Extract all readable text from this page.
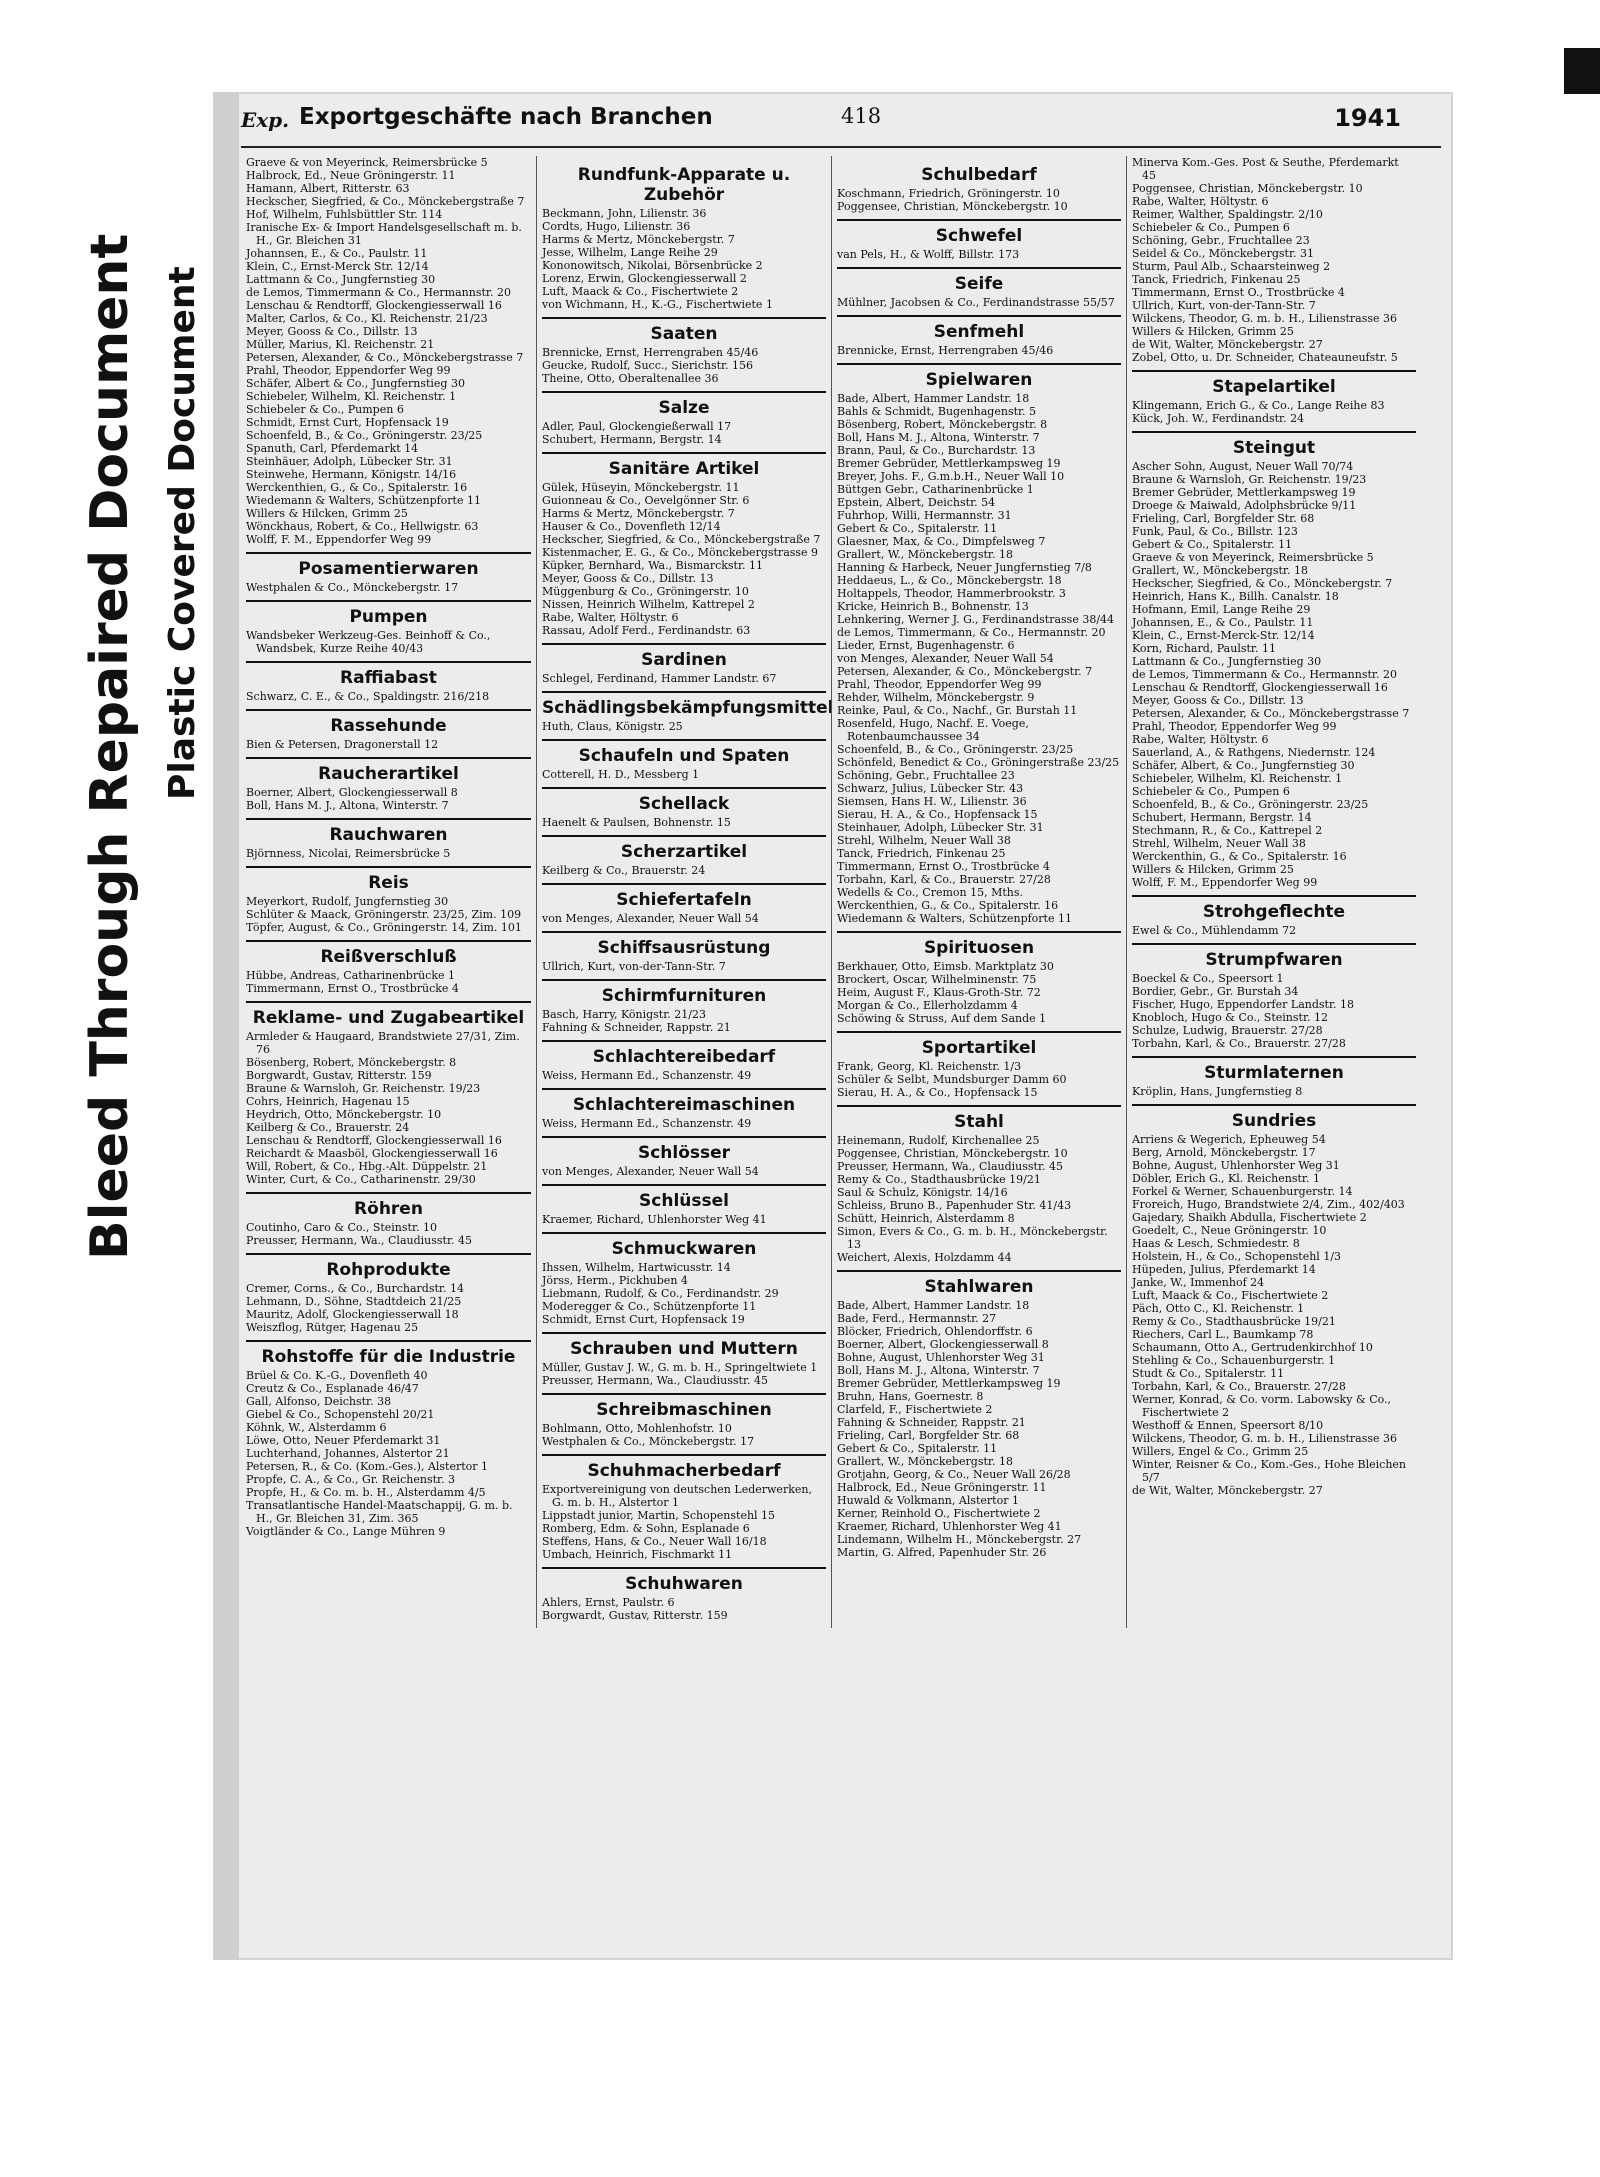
Bleed Through Repaired Document Plastic Covered Document
Exp. Exportgeschäfte nach Branchen	418	1941
Graeve & von Meyerinck, Reimersbrücke 5
Halbrock, Ed., Neue Gröningerstr. 11
Hamann, Albert, Ritterstr. 63
Heckscher, Siegfried, & Co., Mönckebergstraße 7
Hof, Wilhelm, Fuhlsbüttler Str. 114
Iranische Ex- & Import Handelsgesellschaft m. b. H., Gr. Bleichen 31
Johannsen, E., & Co., Paulstr. 11
Klein, C., Ernst-Merck Str. 12/14
Lattmann & Co., Jungfernstieg 30
de Lemos, Timmermann & Co., Hermannstr. 20
Lenschau & Rendtorff, Glockengiesserwall 16
Malter, Carlos, & Co., Kl. Reichenstr. 21/23
Meyer, Gooss & Co., Dillstr. 13
Müller, Marius, Kl. Reichenstr. 21
Petersen, Alexander, & Co., Mönckebergstrasse 7
Prahl, Theodor, Eppendorfer Weg 99
Schäfer, Albert & Co., Jungfernstieg 30
Schiebeler, Wilhelm, Kl. Reichenstr. 1
Schiebeler & Co., Pumpen 6
Schmidt, Ernst Curt, Hopfensack 19
Schoenfeld, B., & Co., Gröningerstr. 23/25
Spanuth, Carl, Pferdemarkt 14
Steinhäuer, Adolph, Lübecker Str. 31
Steinwehe, Hermann, Königstr. 14/16
Werckenthien, G., & Co., Spitalerstr. 16
Wiedemann & Walters, Schützenpforte 11
Willers & Hilcken, Grimm 25
Wönckhaus, Robert, & Co., Hellwigstr. 63
Wolff, F. M., Eppendorfer Weg 99
Posamentierwaren
Westphalen & Co., Mönckebergstr. 17
Pumpen
Wandsbeker Werkzeug-Ges. Beinhoff & Co., Wandsbek, Kurze Reihe 40/43
Raffiabast
Schwarz, C. E., & Co., Spaldingstr. 216/218
Rassehunde
Bien & Petersen, Dragonerstall 12
Raucherartikel
Boerner, Albert, Glockengiesserwall 8
Boll, Hans M. J., Altona, Winterstr. 7
Rauchwaren
Björnness, Nicolai, Reimersbrücke 5
Reis
Meyerkort, Rudolf, Jungfernstieg 30
Schlüter & Maack, Gröningerstr. 23/25, Zim. 109
Töpfer, August, & Co., Gröningerstr. 14, Zim. 101
Reißverschluß
Hübbe, Andreas, Catharinenbrücke 1
Timmermann, Ernst O., Trostbrücke 4
Reklame- und Zugabeartikel
Armleder & Haugaard, Brandstwiete 27/31, Zim. 76
Bösenberg, Robert, Mönckebergstr. 8
Borgwardt, Gustav, Ritterstr. 159
Braune & Warnsloh, Gr. Reichenstr. 19/23
Cohrs, Heinrich, Hagenau 15
Heydrich, Otto, Mönckebergstr. 10
Keilberg & Co., Brauerstr. 24
Lenschau & Rendtorff, Glockengiesserwall 16
Reichardt & Maasböl, Glockengiesserwall 16
Will, Robert, & Co., Hbg.-Alt. Düppelstr. 21
Winter, Curt, & Co., Catharinenstr. 29/30
Röhren
Coutinho, Caro & Co., Steinstr. 10
Preusser, Hermann, Wa., Claudiusstr. 45
Rohprodukte
Cremer, Corns., & Co., Burchardstr. 14
Lehmann, D., Söhne, Stadtdeich 21/25
Mauritz, Adolf, Glockengiesserwall 18
Weiszflog, Rütger, Hagenau 25
Rohstoffe für die Industrie
Brüel & Co. K.-G., Dovenfleth 40
Creutz & Co., Esplanade 46/47
Gall, Alfonso, Deichstr. 38
Giebel & Co., Schopenstehl 20/21
Köhnk, W., Alsterdamm 6
Löwe, Otto, Neuer Pferdemarkt 31
Luchterhand, Johannes, Alstertor 21
Petersen, R., & Co. (Kom.-Ges.), Alstertor 1
Propfe, C. A., & Co., Gr. Reichenstr. 3
Propfe, H., & Co. m. b. H., Alsterdamm 4/5
Transatlantische Handel-Maatschappij, G. m. b. H., Gr. Bleichen 31, Zim. 365
Voigtländer & Co., Lange Mühren 9
Rundfunk-Apparate u. Zubehör
Beckmann, John, Lilienstr. 36
Cordts, Hugo, Lilienstr. 36
Harms & Mertz, Mönckebergstr. 7
Jesse, Wilhelm, Lange Reihe 29
Kononowitsch, Nikolai, Börsenbrücke 2
Lorenz, Erwin, Glockengiesserwall 2
Luft, Maack & Co., Fischertwiete 2
von Wichmann, H., K.-G., Fischertwiete 1
Saaten
Brennicke, Ernst, Herrengraben 45/46
Geucke, Rudolf, Succ., Sierichstr. 156
Theine, Otto, Oberaltenallee 36
Salze
Adler, Paul, Glockengießerwall 17
Schubert, Hermann, Bergstr. 14
Sanitäre Artikel
Gülek, Hüseyin, Mönckebergstr. 11
Guionneau & Co., Oevelgönner Str. 6
Harms & Mertz, Mönckebergstr. 7
Hauser & Co., Dovenfleth 12/14
Heckscher, Siegfried, & Co., Mönckebergstraße 7
Kistenmacher, E. G., & Co., Mönckebergstrasse 9
Küpker, Bernhard, Wa., Bismarckstr. 11
Meyer, Gooss & Co., Dillstr. 13
Müggenburg & Co., Gröningerstr. 10
Nissen, Heinrich Wilhelm, Kattrepel 2
Rabe, Walter, Höltystr. 6
Rassau, Adolf Ferd., Ferdinandstr. 63
Sardinen
Schlegel, Ferdinand, Hammer Landstr. 67
Schädlingsbekämpfungsmittel
Huth, Claus, Königstr. 25
Schaufeln und Spaten
Cotterell, H. D., Messberg 1
Schellack
Haenelt & Paulsen, Bohnenstr. 15
Scherzartikel
Keilberg & Co., Brauerstr. 24
Schiefertafeln
von Menges, Alexander, Neuer Wall 54
Schiffsausrüstung
Ullrich, Kurt, von-der-Tann-Str. 7
Schirmfurnituren
Basch, Harry, Königstr. 21/23
Fahning & Schneider, Rappstr. 21
Schlachtereibedarf
Weiss, Hermann Ed., Schanzenstr. 49
Schlachtereimaschinen
Weiss, Hermann Ed., Schanzenstr. 49
Schlösser
von Menges, Alexander, Neuer Wall 54
Schlüssel
Kraemer, Richard, Uhlenhorster Weg 41
Schmuckwaren
Ihssen, Wilhelm, Hartwicusstr. 14
Jörss, Herm., Pickhuben 4
Liebmann, Rudolf, & Co., Ferdinandstr. 29
Moderegger & Co., Schützenpforte 11
Schmidt, Ernst Curt, Hopfensack 19
Schrauben und Muttern
Müller, Gustav J. W., G. m. b. H., Springeltwiete 1
Preusser, Hermann, Wa., Claudiusstr. 45
Schreibmaschinen
Bohlmann, Otto, Mohlenhofstr. 10
Westphalen & Co., Mönckebergstr. 17
Schuhmacherbedarf
Exportvereinigung von deutschen Lederwerken, G. m. b. H., Alstertor 1
Lippstadt junior, Martin, Schopenstehl 15
Romberg, Edm. & Sohn, Esplanade 6
Steffens, Hans, & Co., Neuer Wall 16/18
Umbach, Heinrich, Fischmarkt 11
Schuhwaren
Ahlers, Ernst, Paulstr. 6
Borgwardt, Gustav, Ritterstr. 159
Schulbedarf
Koschmann, Friedrich, Gröningerstr. 10
Poggensee, Christian, Mönckebergstr. 10
Schwefel
van Pels, H., & Wolff, Billstr. 173
Seife
Mühlner, Jacobsen & Co., Ferdinandstrasse 55/57
Senfmehl
Brennicke, Ernst, Herrengraben 45/46
Spielwaren
Bade, Albert, Hammer Landstr. 18
Bahls & Schmidt, Bugenhagenstr. 5
Bösenberg, Robert, Mönckebergstr. 8
Boll, Hans M. J., Altona, Winterstr. 7
Brann, Paul, & Co., Burchardstr. 13
Bremer Gebrüder, Mettlerkampsweg 19
Breyer, Johs. F., G.m.b.H., Neuer Wall 10
Büttgen Gebr., Catharinenbrücke 1
Epstein, Albert, Deichstr. 54
Fuhrhop, Willi, Hermannstr. 31
Gebert & Co., Spitalerstr. 11
Glaesner, Max, & Co., Dimpfelsweg 7
Grallert, W., Mönckebergstr. 18
Hanning & Harbeck, Neuer Jungfernstieg 7/8
Heddaeus, L., & Co., Mönckebergstr. 18
Holtappels, Theodor, Hammerbrookstr. 3
Kricke, Heinrich B., Bohnenstr. 13
Lehnkering, Werner J. G., Ferdinandstrasse 38/44
de Lemos, Timmermann, & Co., Hermannstr. 20
Lieder, Ernst, Bugenhagenstr. 6
von Menges, Alexander, Neuer Wall 54
Petersen, Alexander, & Co., Mönckebergstr. 7
Prahl, Theodor, Eppendorfer Weg 99
Rehder, Wilhelm, Mönckebergstr. 9
Reinke, Paul, & Co., Nachf., Gr. Burstah 11
Rosenfeld, Hugo, Nachf. E. Voege, Rotenbaumchaussee 34
Schoenfeld, B., & Co., Gröningerstr. 23/25
Schönfeld, Benedict & Co., Gröningerstraße 23/25
Schöning, Gebr., Fruchtallee 23
Schwarz, Julius, Lübecker Str. 43
Siemsen, Hans H. W., Lilienstr. 36
Sierau, H. A., & Co., Hopfensack 15
Steinhauer, Adolph, Lübecker Str. 31
Strehl, Wilhelm, Neuer Wall 38
Tanck, Friedrich, Finkenau 25
Timmermann, Ernst O., Trostbrücke 4
Torbahn, Karl, & Co., Brauerstr. 27/28
Wedells & Co., Cremon 15, Mths.
Werckenthien, G., & Co., Spitalerstr. 16
Wiedemann & Walters, Schützenpforte 11
Spirituosen
Berkhauer, Otto, Eimsb. Marktplatz 30
Brockert, Oscar, Wilhelminenstr. 75
Heim, August F., Klaus-Groth-Str. 72
Morgan & Co., Ellerholzdamm 4
Schöwing & Struss, Auf dem Sande 1
Sportartikel
Frank, Georg, Kl. Reichenstr. 1/3
Schüler & Selbt, Mundsburger Damm 60
Sierau, H. A., & Co., Hopfensack 15
Stahl
Heinemann, Rudolf, Kirchenallee 25
Poggensee, Christian, Mönckebergstr. 10
Preusser, Hermann, Wa., Claudiusstr. 45
Remy & Co., Stadthausbrücke 19/21
Saul & Schulz, Königstr. 14/16
Schleiss, Bruno B., Papenhuder Str. 41/43
Schütt, Heinrich, Alsterdamm 8
Simon, Evers & Co., G. m. b. H., Mönckebergstr. 13
Weichert, Alexis, Holzdamm 44
Stahlwaren
Bade, Albert, Hammer Landstr. 18
Bade, Ferd., Hermannstr. 27
Blöcker, Friedrich, Ohlendorffstr. 6
Boerner, Albert, Glockengiesserwall 8
Bohne, August, Uhlenhorster Weg 31
Boll, Hans M. J., Altona, Winterstr. 7
Bremer Gebrüder, Mettlerkampsweg 19
Bruhn, Hans, Goernestr. 8
Clarfeld, F., Fischertwiete 2
Fahning & Schneider, Rappstr. 21
Frieling, Carl, Borgfelder Str. 68
Gebert & Co., Spitalerstr. 11
Grallert, W., Mönckebergstr. 18
Grotjahn, Georg, & Co., Neuer Wall 26/28
Halbrock, Ed., Neue Gröningerstr. 11
Huwald & Volkmann, Alstertor 1
Kerner, Reinhold O., Fischertwiete 2
Kraemer, Richard, Uhlenhorster Weg 41
Lindemann, Wilhelm H., Mönckebergstr. 27
Martin, G. Alfred, Papenhuder Str. 26
Minerva Kom.-Ges. Post & Seuthe, Pferdemarkt 45
Poggensee, Christian, Mönckebergstr. 10
Rabe, Walter, Höltystr. 6
Reimer, Walther, Spaldingstr. 2/10
Schiebeler & Co., Pumpen 6
Schöning, Gebr., Fruchtallee 23
Seidel & Co., Mönckebergstr. 31
Sturm, Paul Alb., Schaarsteinweg 2
Tanck, Friedrich, Finkenau 25
Timmermann, Ernst O., Trostbrücke 4
Ullrich, Kurt, von-der-Tann-Str. 7
Wilckens, Theodor, G. m. b. H., Lilienstrasse 36
Willers & Hilcken, Grimm 25
de Wit, Walter, Mönckebergstr. 27
Zobel, Otto, u. Dr. Schneider, Chateauneufstr. 5
Stapelartikel
Klingemann, Erich G., & Co., Lange Reihe 83
Kück, Joh. W., Ferdinandstr. 24
Steingut
Ascher Sohn, August, Neuer Wall 70/74
Braune & Warnsloh, Gr. Reichenstr. 19/23
Bremer Gebrüder, Mettlerkampsweg 19
Droege & Maiwald, Adolphsbrücke 9/11
Frieling, Carl, Borgfelder Str. 68
Funk, Paul, & Co., Billstr. 123
Gebert & Co., Spitalerstr. 11
Graeve & von Meyerinck, Reimersbrücke 5
Grallert, W., Mönckebergstr. 18
Heckscher, Siegfried, & Co., Mönckebergstr. 7
Heinrich, Hans K., Billh. Canalstr. 18
Hofmann, Emil, Lange Reihe 29
Johannsen, E., & Co., Paulstr. 11
Klein, C., Ernst-Merck-Str. 12/14
Korn, Richard, Paulstr. 11
Lattmann & Co., Jungfernstieg 30
de Lemos, Timmermann & Co., Hermannstr. 20
Lenschau & Rendtorff, Glockengiesserwall 16
Meyer, Gooss & Co., Dillstr. 13
Petersen, Alexander, & Co., Mönckebergstrasse 7
Prahl, Theodor, Eppendorfer Weg 99
Rabe, Walter, Höltystr. 6
Sauerland, A., & Rathgens, Niedernstr. 124
Schäfer, Albert, & Co., Jungfernstieg 30
Schiebeler, Wilhelm, Kl. Reichenstr. 1
Schiebeler & Co., Pumpen 6
Schoenfeld, B., & Co., Gröningerstr. 23/25
Schubert, Hermann, Bergstr. 14
Stechmann, R., & Co., Kattrepel 2
Strehl, Wilhelm, Neuer Wall 38
Werckenthin, G., & Co., Spitalerstr. 16
Willers & Hilcken, Grimm 25
Wolff, F. M., Eppendorfer Weg 99
Strohgeflechte
Ewel & Co., Mühlendamm 72
Strumpfwaren
Boeckel & Co., Speersort 1
Bordier, Gebr., Gr. Burstah 34
Fischer, Hugo, Eppendorfer Landstr. 18
Knobloch, Hugo & Co., Steinstr. 12
Schulze, Ludwig, Brauerstr. 27/28
Torbahn, Karl, & Co., Brauerstr. 27/28
Sturmlaternen
Kröplin, Hans, Jungfernstieg 8
Sundries
Arriens & Wegerich, Epheuweg 54
Berg, Arnold, Mönckebergstr. 17
Bohne, August, Uhlenhorster Weg 31
Döbler, Erich G., Kl. Reichenstr. 1
Forkel & Werner, Schauenburgerstr. 14
Froreich, Hugo, Brandstwiete 2/4, Zim., 402/403
Gaįedary, Shaikh Abdulla, Fischertwiete 2
Goedelt, C., Neue Gröningerstr. 10
Haas & Lesch, Schmiedestr. 8
Holstein, H., & Co., Schopenstehl 1/3
Hüpeden, Julius, Pferdemarkt 14
Janke, W., Immenhof 24
Luft, Maack & Co., Fischertwiete 2
Päch, Otto C., Kl. Reichenstr. 1
Remy & Co., Stadthausbrücke 19/21
Riechers, Carl L., Baumkamp 78
Schaumann, Otto A., Gertrudenkirchhof 10
Stehling & Co., Schauenburgerstr. 1
Studt & Co., Spitalerstr. 11
Torbahn, Karl, & Co., Brauerstr. 27/28
Werner, Konrad, & Co. vorm. Labowsky & Co., Fischertwiete 2
Westhoff & Ennen, Speersort 8/10
Wilckens, Theodor, G. m. b. H., Lilienstrasse 36
Willers, Engel & Co., Grimm 25
Winter, Reisner & Co., Kom.-Ges., Hohe Bleichen 5/7
de Wit, Walter, Mönckebergstr. 27
